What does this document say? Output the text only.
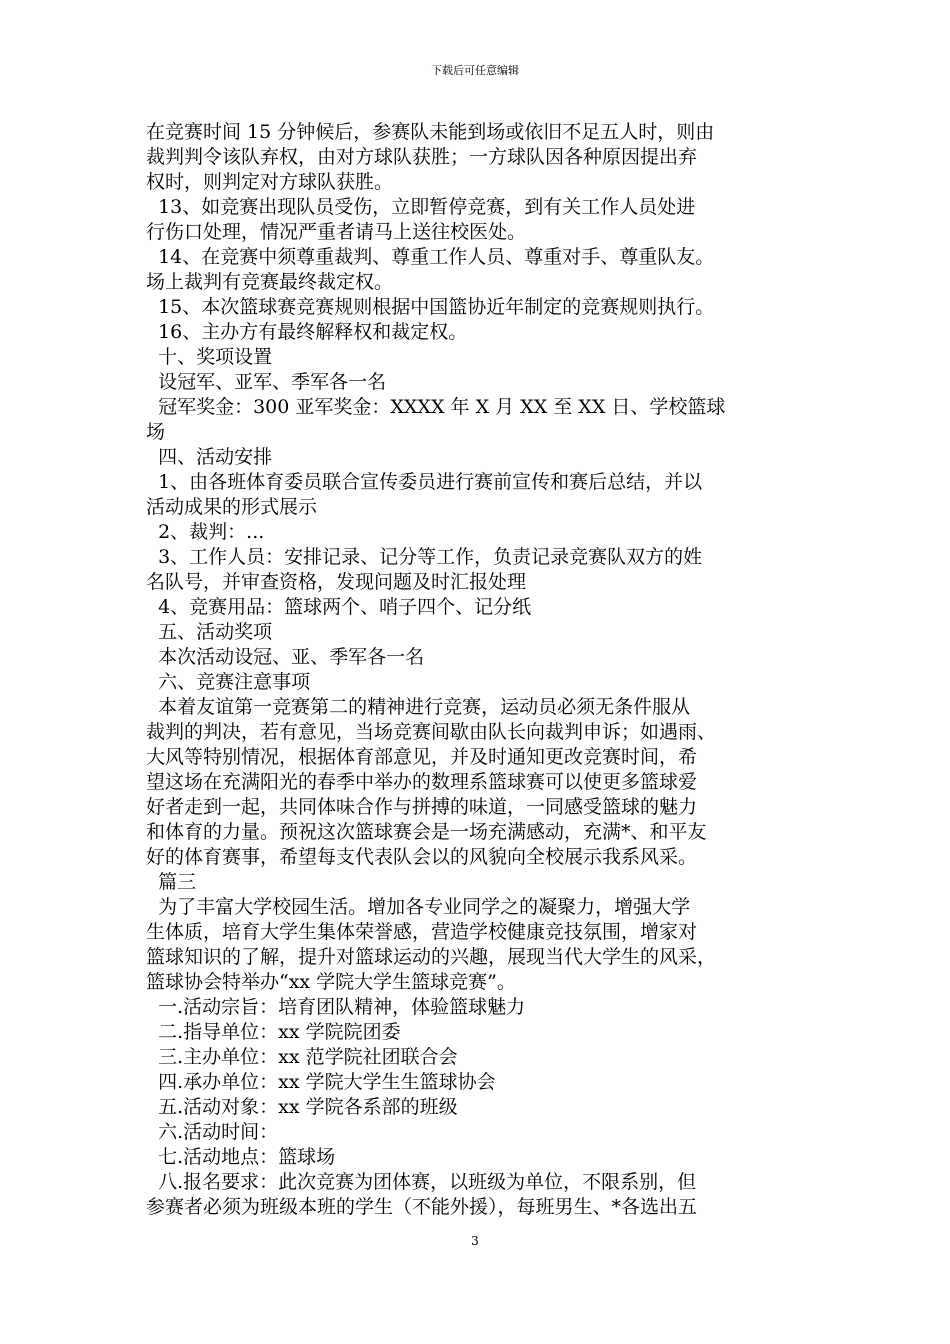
下载后可任意编辑
在竞赛时间 15 分钟候后，参赛队未能到场或依旧不足五人时，则由
裁判判令该队弃权，由对方球队获胜；一方球队因各种原因提出弃
权时，则判定对方球队获胜。
13、如竞赛出现队员受伤，立即暂停竞赛，到有关工作人员处进
行伤口处理，情况严重者请马上送往校医处。
14、在竞赛中须尊重裁判、尊重工作人员、尊重对手、尊重队友。
场上裁判有竞赛最终裁定权。
15、本次篮球赛竞赛规则根据中国篮协近年制定的竞赛规则执行。
16、主办方有最终解释权和裁定权。
十、奖项设置
设冠军、亚军、季军各一名
冠军奖金：300 亚军奖金：XXXX 年 X 月 XX 至 XX 日、学校篮球
场
四、活动安排
1、由各班体育委员联合宣传委员进行赛前宣传和赛后总结，并以
活动成果的形式展示
2、裁判：...
3、工作人员：安排记录、记分等工作，负责记录竞赛队双方的姓
名队号，并审查资格，发现问题及时汇报处理
4、竞赛用品：篮球两个、哨子四个、记分纸
五、活动奖项
本次活动设冠、亚、季军各一名
六、竞赛注意事项
本着友谊第一竞赛第二的精神进行竞赛，运动员必须无条件服从
裁判的判决，若有意见，当场竞赛间歇由队长向裁判申诉；如遇雨、
大风等特别情况，根据体育部意见，并及时通知更改竞赛时间，希
望这场在充满阳光的春季中举办的数理系篮球赛可以使更多篮球爱
好者走到一起，共同体味合作与拼搏的味道，一同感受篮球的魅力
和体育的力量。预祝这次篮球赛会是一场充满感动，充满*、和平友
好的体育赛事，希望每支代表队会以的风貌向全校展示我系风采。
篇三
为了丰富大学校园生活。增加各专业同学之的凝聚力，增强大学
生体质，培育大学生集体荣誉感，营造学校健康竞技氛围，增家对
篮球知识的了解，提升对篮球运动的兴趣，展现当代大学生的风采，
篮球协会特举办“xx 学院大学生篮球竞赛”。
一.活动宗旨：培育团队精神，体验篮球魅力
二.指导单位：xx 学院院团委
三.主办单位：xx 范学院社团联合会
四.承办单位：xx 学院大学生生篮球协会
五.活动对象：xx 学院各系部的班级
六.活动时间：
七.活动地点：篮球场
八.报名要求：此次竞赛为团体赛，以班级为单位，不限系别，但
参赛者必须为班级本班的学生（不能外援），每班男生、*各选出五
3
